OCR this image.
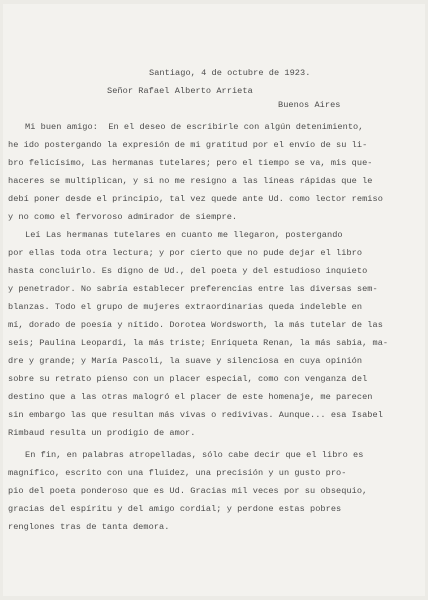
Santiago, 4 de octubre de 1923.
Señor Rafael Alberto Arrieta
Buenos Aires
Mi buen amigo:  En el deseo de escribirle con algún detenimiento,
he ido postergando la expresión de mi gratitud por el envío de su li-
bro felicísimo, Las hermanas tutelares; pero el tiempo se va, mis que-
haceres se multiplican, y si no me resigno a las líneas rápidas que le
debí poner desde el principio, tal vez quede ante Ud. como lector remiso
y no como el fervoroso admirador de siempre.
Leí Las hermanas tutelares en cuanto me llegaron, postergando
por ellas toda otra lectura; y por cierto que no pude dejar el libro
hasta concluirlo. Es digno de Ud., del poeta y del estudioso inquieto
y penetrador. No sabría establecer preferencias entre las diversas sem-
blanzas. Todo el grupo de mujeres extraordinarias queda indeleble en
mí, dorado de poesía y nítido. Dorotea Wordsworth, la más tutelar de las
seis; Paulina Leopardi, la más triste; Enriqueta Renan, la más sabia, ma-
dre y grande; y María Pascoli, la suave y silenciosa en cuya opinión
sobre su retrato pienso con un placer especial, como con venganza del
destino que a las otras malogró el placer de este homenaje, me parecen
sin embargo las que resultan más vivas o redivivas. Aunque... esa Isabel
Rimbaud resulta un prodigio de amor.
En fin, en palabras atropelladas, sólo cabe decir que el libro es
magnífico, escrito con una fluidez, una precisión y un gusto pro-
pio del poeta ponderoso que es Ud. Gracias mil veces por su obsequio,
gracias del espíritu y del amigo cordial; y perdone estas pobres
renglones tras de tanta demora.
